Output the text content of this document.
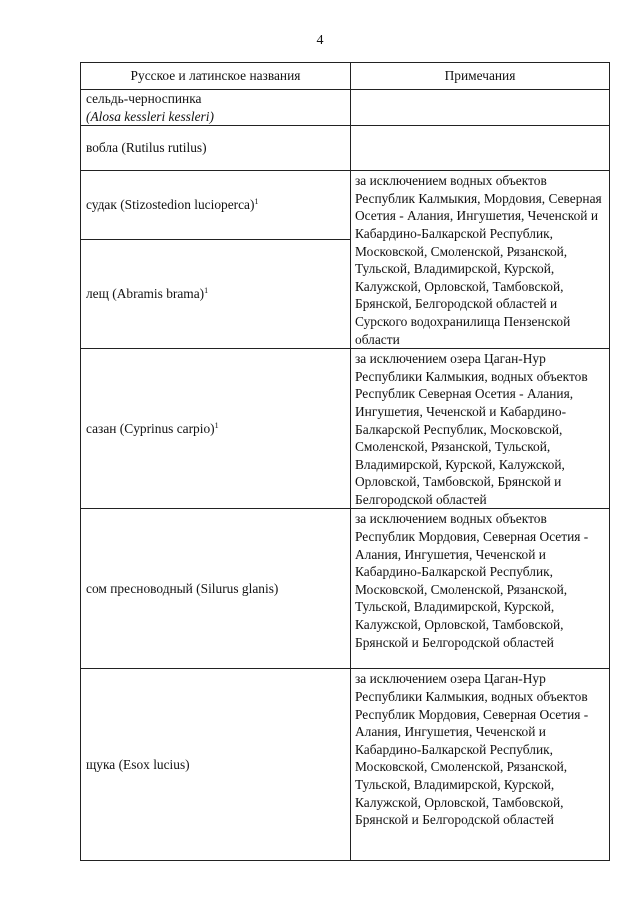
4
Русское и латинское названия	Примечания

сельдь-черноспинка
(Alosa kessleri kessleri)	

вобла (Rutilus rutilus)	
судак (Stizostedion lucioperca)$^1$	за исключением водных объектов Республик Калмыкия, Мордовия, Северная Осетия - Алания, Ингушетия, Чеченской и Кабардино-Балкарской Республик, Московской, Смоленской, Рязанской, Тульской, Владимирской, Курской, Калужской, Орловской, Тамбовской, Брянской, Белгородской областей и Сурского водохранилища Пензенской области
лещ (Abramis brama)$^1$
сазан (Cyprinus carpio)$^1$	за исключением озера Цаган-Нур Республики Калмыкия, водных объектов Республик Северная Осетия - Алания, Ингушетия, Чеченской и Кабардино-Балкарской Республик, Московской, Смоленской, Рязанской, Тульской, Владимирской, Курской, Калужской, Орловской, Тамбовской, Брянской и Белгородской областей
сом пресноводный (Silurus glanis)	за исключением водных объектов Республик Мордовия, Северная Осетия - Алания, Ингушетия, Чеченской и Кабардино-Балкарской Республик, Московской, Смоленской, Рязанской, Тульской, Владимирской, Курской, Калужской, Орловской, Тамбовской, Брянской и Белгородской областей
щука (Esox lucius)	за исключением озера Цаган-Нур Республики Калмыкия, водных объектов Республик Мордовия, Северная Осетия - Алания, Ингушетия, Чеченской и Кабардино-Балкарской Республик, Московской, Смоленской, Рязанской, Тульской, Владимирской, Курской, Калужской, Орловской, Тамбовской, Брянской и Белгородской областей
